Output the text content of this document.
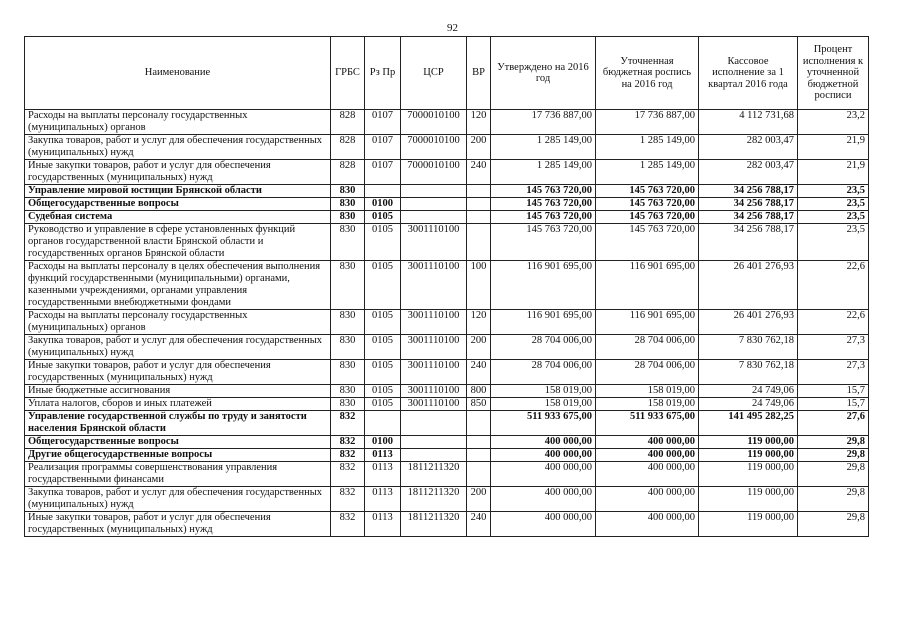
92
Наименование	ГРБС	Рз Пр	ЦСР	ВР	Утверждено на 2016 год	Уточненная бюджетная роспись на 2016 год	Кассовое исполнение за 1 квартал 2016 года	Процент исполнения к уточненной бюджетной росписи
Расходы на выплаты персоналу государственных (муниципальных) органов	828	0107	7000010100	120	17 736 887,00	17 736 887,00	4 112 731,68	23,2
Закупка товаров, работ и услуг для обеспечения государственных (муниципальных) нужд	828	0107	7000010100	200	1 285 149,00	1 285 149,00	282 003,47	21,9
Иные закупки товаров, работ и услуг для обеспечения государственных (муниципальных) нужд	828	0107	7000010100	240	1 285 149,00	1 285 149,00	282 003,47	21,9
Управление мировой юстиции Брянской области	830				145 763 720,00	145 763 720,00	34 256 788,17	23,5
Общегосударственные вопросы	830	0100			145 763 720,00	145 763 720,00	34 256 788,17	23,5
Судебная система	830	0105			145 763 720,00	145 763 720,00	34 256 788,17	23,5
Руководство и управление в сфере установленных функций органов государственной власти Брянской области и государственных органов Брянской области	830	0105	3001110100		145 763 720,00	145 763 720,00	34 256 788,17	23,5
Расходы на выплаты персоналу в целях обеспечения выполнения функций государственными (муниципальными) органами, казенными учреждениями, органами управления государственными внебюджетными фондами	830	0105	3001110100	100	116 901 695,00	116 901 695,00	26 401 276,93	22,6
Расходы на выплаты персоналу государственных (муниципальных) органов	830	0105	3001110100	120	116 901 695,00	116 901 695,00	26 401 276,93	22,6
Закупка товаров, работ и услуг для обеспечения государственных (муниципальных) нужд	830	0105	3001110100	200	28 704 006,00	28 704 006,00	7 830 762,18	27,3
Иные закупки товаров, работ и услуг для обеспечения государственных (муниципальных) нужд	830	0105	3001110100	240	28 704 006,00	28 704 006,00	7 830 762,18	27,3
Иные бюджетные ассигнования	830	0105	3001110100	800	158 019,00	158 019,00	24 749,06	15,7
Уплата налогов, сборов и иных платежей	830	0105	3001110100	850	158 019,00	158 019,00	24 749,06	15,7
Управление государственной службы по труду и занятости населения Брянской области	832				511 933 675,00	511 933 675,00	141 495 282,25	27,6
Общегосударственные вопросы	832	0100			400 000,00	400 000,00	119 000,00	29,8
Другие общегосударственные вопросы	832	0113			400 000,00	400 000,00	119 000,00	29,8
Реализация программы совершенствования управления государственными финансами	832	0113	1811211320		400 000,00	400 000,00	119 000,00	29,8
Закупка товаров, работ и услуг для обеспечения государственных (муниципальных) нужд	832	0113	1811211320	200	400 000,00	400 000,00	119 000,00	29,8
Иные закупки товаров, работ и услуг для обеспечения государственных (муниципальных) нужд	832	0113	1811211320	240	400 000,00	400 000,00	119 000,00	29,8
